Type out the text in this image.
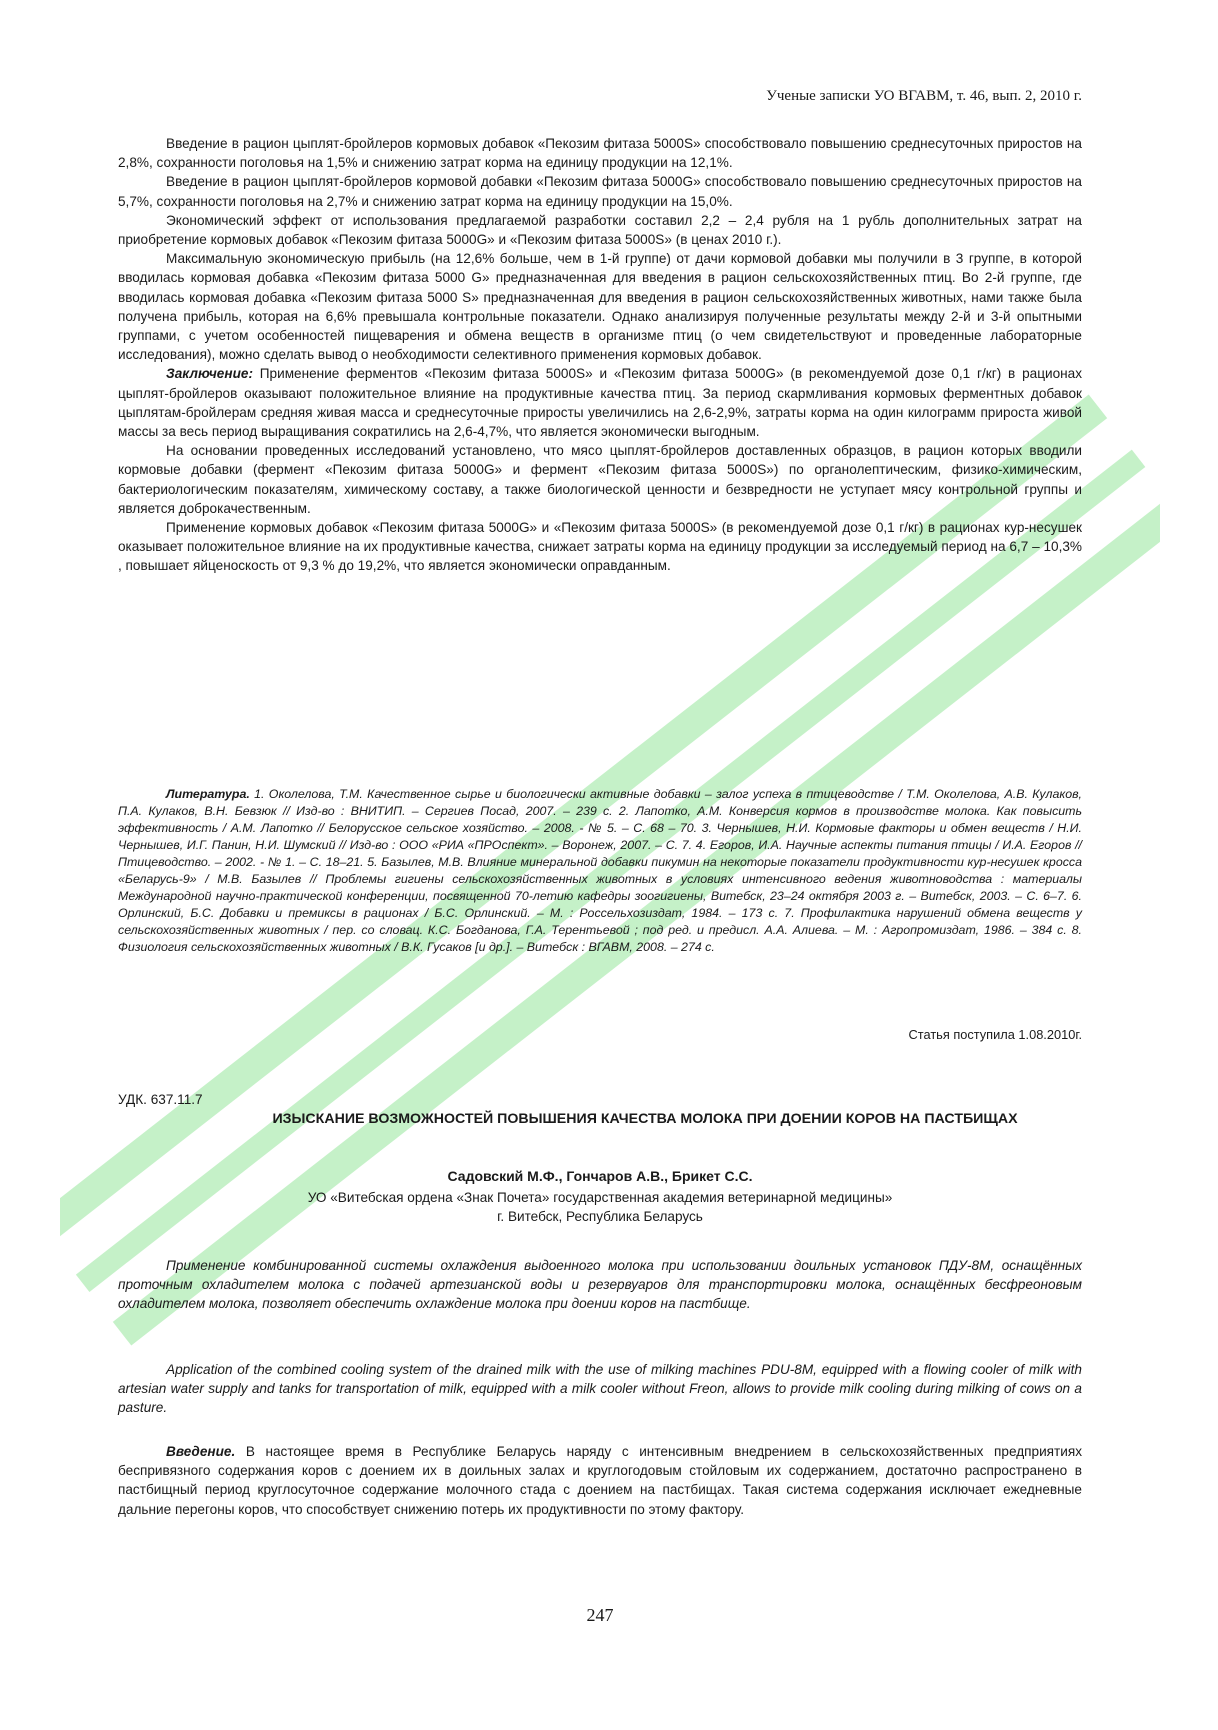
Ученые записки УО ВГАВМ, т. 46, вып. 2, 2010 г.

Введение в рацион цыплят-бройлеров кормовых добавок «Пекозим фитаза 5000S» способствовало повышению среднесуточных приростов на 2,8%, сохранности поголовья на 1,5% и снижению затрат корма на единицу продукции на 12,1%.

Введение в рацион цыплят-бройлеров кормовой добавки «Пекозим фитаза 5000G» способствовало повышению среднесуточных приростов на 5,7%, сохранности поголовья на 2,7% и снижению затрат корма на единицу продукции на 15,0%.

Экономический эффект от использования предлагаемой разработки составил 2,2 – 2,4 рубля на 1 рубль дополнительных затрат на приобретение кормовых добавок «Пекозим фитаза 5000G» и «Пекозим фитаза 5000S» (в ценах 2010 г.).

Максимальную экономическую прибыль (на 12,6% больше, чем в 1-й группе) от дачи кормовой добавки мы получили в 3 группе, в которой вводилась кормовая добавка «Пекозим фитаза 5000 G» предназначенная для введения в рацион сельскохозяйственных птиц. Во 2-й группе, где вводилась кормовая добавка «Пекозим фитаза 5000 S» предназначенная для введения в рацион сельскохозяйственных животных, нами также была получена прибыль, которая на 6,6% превышала контрольные показатели. Однако анализируя полученные результаты между 2-й и 3-й опытными группами, с учетом особенностей пищеварения и обмена веществ в организме птиц (о чем свидетельствуют и проведенные лабораторные исследования), можно сделать вывод о необходимости селективного применения кормовых добавок.

Заключение: Применение ферментов «Пекозим фитаза 5000S» и «Пекозим фитаза 5000G» (в рекомендуемой дозе 0,1 г/кг) в рационах цыплят-бройлеров оказывают положительное влияние на продуктивные качества птиц. За период скармливания кормовых ферментных добавок цыплятам-бройлерам средняя живая масса и среднесуточные приросты увеличились на 2,6-2,9%, затраты корма на один килограмм прироста живой массы за весь период выращивания сократились на 2,6-4,7%, что является экономически выгодным.

На основании проведенных исследований установлено, что мясо цыплят-бройлеров доставленных образцов, в рацион которых вводили кормовые добавки (фермент «Пекозим фитаза 5000G» и фермент «Пекозим фитаза 5000S») по органолептическим, физико-химическим, бактериологическим показателям, химическому составу, а также биологической ценности и безвредности не уступает мясу контрольной группы и является доброкачественным.

Применение кормовых добавок «Пекозим фитаза 5000G» и «Пекозим фитаза 5000S» (в рекомендуемой дозе 0,1 г/кг) в рационах кур-несушек оказывает положительное влияние на их продуктивные качества, снижает затраты корма на единицу продукции за исследуемый период на 6,7 – 10,3% , повышает яйценоскость от 9,3 % до 19,2%, что является экономически оправданным.

Литература. 1. Околелова, Т.М. Качественное сырье и биологически активные добавки – залог успеха в птицеводстве / Т.М. Околелова, А.В. Кулаков, П.А. Кулаков, В.Н. Бевзюк // Изд-во : ВНИТИП. – Сергиев Посад, 2007. – 239 с. 2. Лапотко, А.М. Конверсия кормов в производстве молока. Как повысить эффективность / А.М. Лапотко // Белорусское сельское хозяйство. – 2008. - № 5. – С. 68 – 70. 3. Чернышев, Н.И. Кормовые факторы и обмен веществ / Н.И. Чернышев, И.Г. Панин, Н.И. Шумский // Изд-во : ООО «РИА «ПРОспект». – Воронеж, 2007. – С. 7. 4. Егоров, И.А. Научные аспекты питания птицы / И.А. Егоров // Птицеводство. – 2002. - № 1. – С. 18–21. 5. Базылев, М.В. Влияние минеральной добавки пикумин на некоторые показатели продуктивности кур-несушек кросса «Беларусь-9» / М.В. Базылев // Проблемы гигиены сельскохозяйственных животных в условиях интенсивного ведения животноводства : материалы Международной научно-практической конференции, посвященной 70-летию кафедры зоогигиены, Витебск, 23–24 октября 2003 г. – Витебск, 2003. – С. 6–7. 6. Орлинский, Б.С. Добавки и премиксы в рационах / Б.С. Орлинский. – М. : Россельхозиздат, 1984. – 173 с. 7. Профилактика нарушений обмена веществ у сельскохозяйственных животных / пер. со словац. К.С. Богданова, Г.А. Терентьевой ; под ред. и предисл. А.А. Алиева. – М. : Агропромиздат, 1986. – 384 с. 8. Физиология сельскохозяйственных животных / В.К. Гусаков [и др.]. – Витебск : ВГАВМ, 2008. – 274 с.

Статья поступила 1.08.2010г.
УДК. 637.11.7

ИЗЫСКАНИЕ ВОЗМОЖНОСТЕЙ ПОВЫШЕНИЯ КАЧЕСТВА МОЛОКА ПРИ ДОЕНИИ КОРОВ НА ПАСТБИЩАХ

Садовский М.Ф., Гончаров А.В., Брикет С.С.
УО «Витебская ордена «Знак Почета» государственная академия ветеринарной медицины»
г. Витебск, Республика Беларусь

Применение комбинированной системы охлаждения выдоенного молока при использовании доильных установок ПДУ-8М, оснащённых проточным охладителем молока с подачей артезианской воды и резервуаров для транспортировки молока, оснащённых бесфреоновым охладителем молока, позволяет обеспечить охлаждение молока при доении коров на пастбище.

Application of the combined cooling system of the drained milk with the use of milking machines PDU-8M, equipped with a flowing cooler of milk with artesian water supply and tanks for transportation of milk, equipped with a milk cooler without Freon, allows to provide milk cooling during milking of cows on a pasture.

Введение. В настоящее время в Республике Беларусь наряду с интенсивным внедрением в сельскохозяйственных предприятиях беспривязного содержания коров с доением их в доильных залах и круглогодовым стойловым их содержанием, достаточно распространено в пастбищный период круглосуточное содержание молочного стада с доением на пастбищах. Такая система содержания исключает ежедневные дальние перегоны коров, что способствует снижению потерь их продуктивности по этому фактору.

247
